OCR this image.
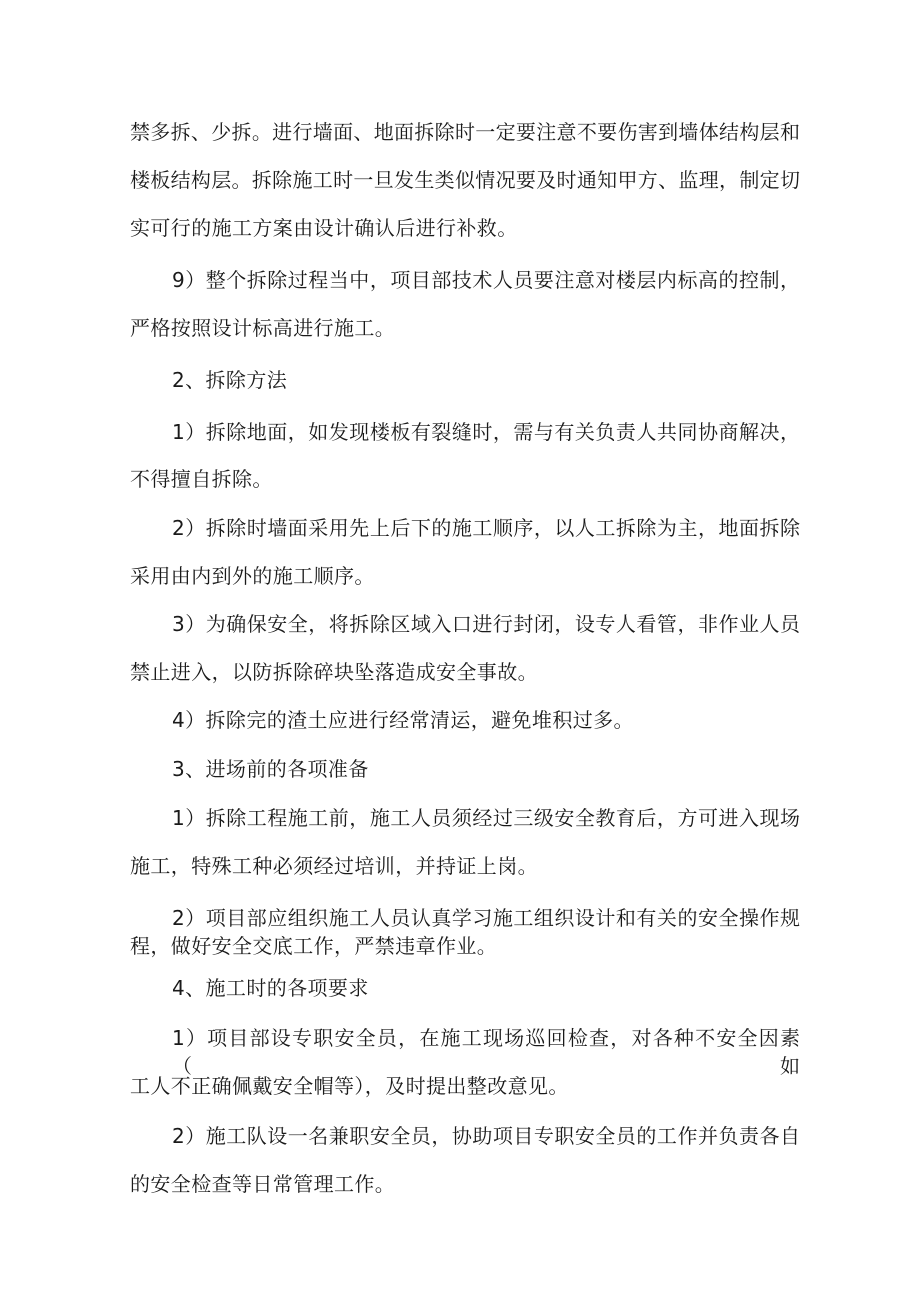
禁多拆、少拆。进行墙面、地面拆除时一定要注意不要伤害到墙体结构层和
楼板结构层。拆除施工时一旦发生类似情况要及时通知甲方、监理，制定切
实可行的施工方案由设计确认后进行补救。
9）整个拆除过程当中，项目部技术人员要注意对楼层内标高的控制，
严格按照设计标高进行施工。
2、拆除方法
1）拆除地面，如发现楼板有裂缝时，需与有关负责人共同协商解决，
不得擅自拆除。
2）拆除时墙面采用先上后下的施工顺序，以人工拆除为主，地面拆除
采用由内到外的施工顺序。
3）为确保安全，将拆除区域入口进行封闭，设专人看管，非作业人员
禁止进入，以防拆除碎块坠落造成安全事故。
4）拆除完的渣土应进行经常清运，避免堆积过多。
3、进场前的各项准备
1）拆除工程施工前，施工人员须经过三级安全教育后，方可进入现场
施工，特殊工种必须经过培训，并持证上岗。
2）项目部应组织施工人员认真学习施工组织设计和有关的安全操作规
程，做好安全交底工作，严禁违章作业。
4、施工时的各项要求
1）项目部设专职安全员，在施工现场巡回检查，对各种不安全因素（如
工人不正确佩戴安全帽等），及时提出整改意见。
2）施工队设一名兼职安全员，协助项目专职安全员的工作并负责各自
的安全检查等日常管理工作。
